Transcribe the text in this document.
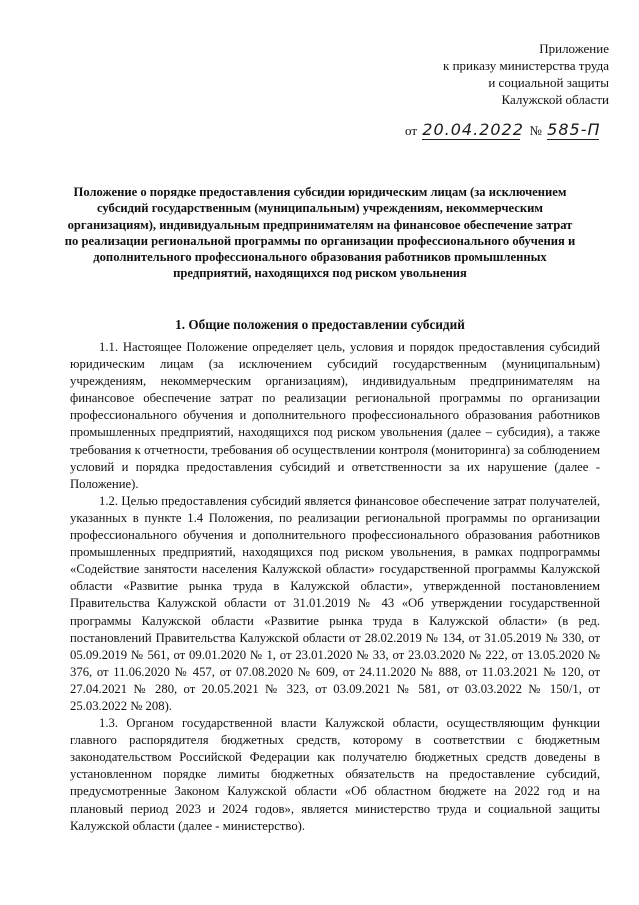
Приложение
к приказу министерства труда
и социальной защиты
Калужской области
от 20.04.2022 № 585-П
Положение о порядке предоставления субсидии юридическим лицам (за исключением субсидий государственным (муниципальным) учреждениям, некоммерческим организациям), индивидуальным предпринимателям на финансовое обеспечение затрат по реализации региональной программы по организации профессионального обучения и дополнительного профессионального образования работников промышленных предприятий, находящихся под риском увольнения
1. Общие положения о предоставлении субсидий

1.1. Настоящее Положение определяет цель, условия и порядок предоставления субсидий юридическим лицам (за исключением субсидий государственным (муниципальным) учреждениям, некоммерческим организациям), индивидуальным предпринимателям на финансовое обеспечение затрат по реализации региональной программы по организации профессионального обучения и дополнительного профессионального образования работников промышленных предприятий, находящихся под риском увольнения (далее – субсидия), а также требования к отчетности, требования об осуществлении контроля (мониторинга) за соблюдением условий и порядка предоставления субсидий и ответственности за их нарушение (далее - Положение).

1.2. Целью предоставления субсидий является финансовое обеспечение затрат получателей, указанных в пункте 1.4 Положения, по реализации региональной программы по организации профессионального обучения и дополнительного профессионального образования работников промышленных предприятий, находящихся под риском увольнения, в рамках подпрограммы «Содействие занятости населения Калужской области» государственной программы Калужской области «Развитие рынка труда в Калужской области», утвержденной постановлением Правительства Калужской области от 31.01.2019 № 43 «Об утверждении государственной программы Калужской области «Развитие рынка труда в Калужской области» (в ред. постановлений Правительства Калужской области от 28.02.2019 № 134, от 31.05.2019 № 330, от 05.09.2019 № 561, от 09.01.2020 № 1, от 23.01.2020 № 33, от 23.03.2020 № 222, от 13.05.2020 № 376, от 11.06.2020 № 457, от 07.08.2020 № 609, от 24.11.2020 № 888, от 11.03.2021 № 120, от 27.04.2021 № 280, от 20.05.2021 № 323, от 03.09.2021 № 581, от 03.03.2022 № 150/1, от 25.03.2022 № 208).

1.3. Органом государственной власти Калужской области, осуществляющим функции главного распорядителя бюджетных средств, которому в соответствии с бюджетным законодательством Российской Федерации как получателю бюджетных средств доведены в установленном порядке лимиты бюджетных обязательств на предоставление субсидий, предусмотренные Законом Калужской области «Об областном бюджете на 2022 год и на плановый период 2023 и 2024 годов», является министерство труда и социальной защиты Калужской области (далее - министерство).
